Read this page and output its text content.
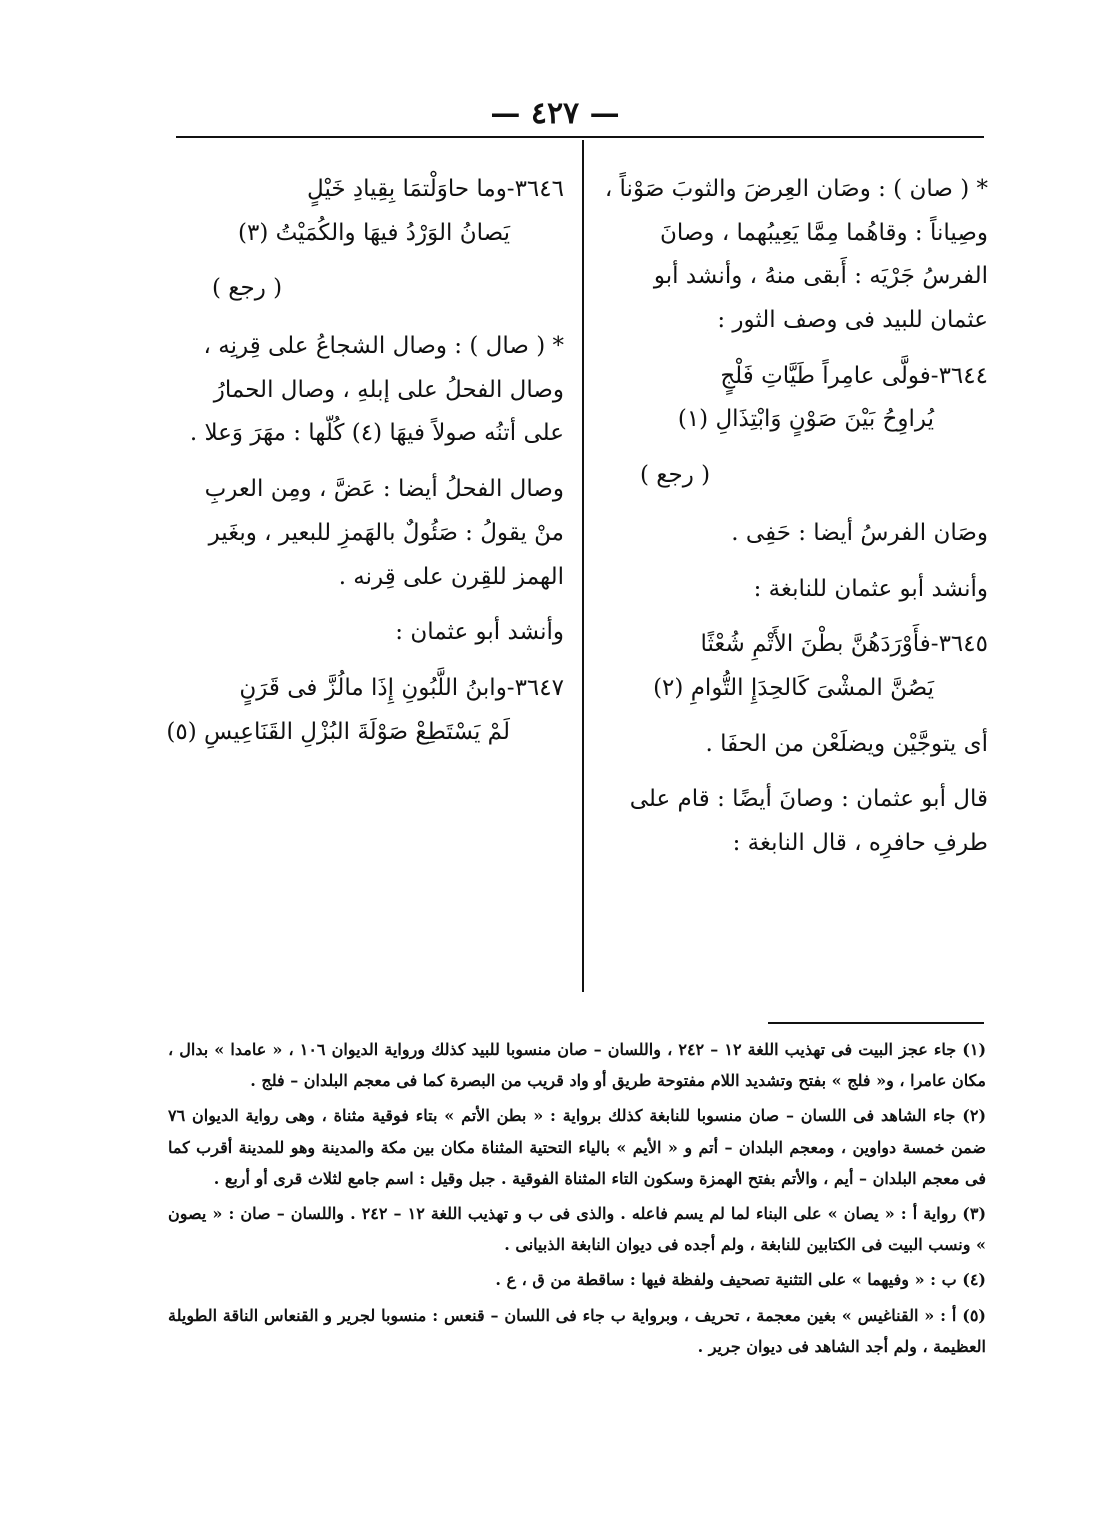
— ٤٢٧ —

* ( صان ) : وصَان العِرضَ والثوبَ صَوْناً ، وصِياناً : وقاهُما مِمَّا يَعِيبُهما ، وصانَ الفرسُ جَرْيَه : أَبقى منهُ ، وأنشد أبو عثمان للبيد فى وصف الثور :

٣٦٤٤-فولَّى عامِراً طَيَّاتِ فَلْجٍ
يُراوِحُ بَيْنَ صَوْنٍ وَابْتِذَالِ (١)
( رجع )

وصَان الفرسُ أيضا : حَفِى .

وأنشد أبو عثمان للنابغة :

٣٦٤٥-فأَوْرَدَهُنَّ بطْنَ الأَتْمِ شُعْثًا
يَصُنَّ المشْىَ كَالحِدَإِ التُّوامِ (٢)

أى يتوجَّيْن ويضلَعْن من الحفَا .

قال أبو عثمان : وصانَ أيضًا : قام على طرفِ حافرِه ، قال النابغة :

٣٦٤٦-وما حاوَلْتمَا بِقِيادِ خَيْلٍ
يَصانُ الوَرْدُ فيهَا والكُمَيْتُ (٣)
( رجع )

* ( صال ) : وصال الشجاعُ على قِرنِه ، وصال الفحلُ على إبلهِ ، وصال الحمارُ على أتنُه صولاً فيهَا (٤) كُلّها : مهَرَ وَعلا .

وصال الفحلُ أيضا : عَضَّ ، ومِن العربِ منْ يقولُ : صَئُولٌ بالهَمزِ للبعير ، وبغَير الهمز للقِرن على قِرنه .

وأنشد أبو عثمان :

٣٦٤٧-وابنُ اللَّبُونِ إِذَا مالُزَّ فى قَرَنٍ
لَمْ يَسْتَطِعْ صَوْلَةَ البُزْلِ القَنَاعِيسِ (٥)

(١) جاء عجز البيت فى تهذيب اللغة ١٢ – ٢٤٢ ، واللسان – صان منسوبا للبيد كذلك ورواية الديوان ١٠٦ ، « عامدا » بدال ، مكان عامرا ، و« فلج » بفتح وتشديد اللام مفتوحة طريق أو واد قريب من البصرة كما فى معجم البلدان – فلج .

(٢) جاء الشاهد فى اللسان – صان منسوبا للنابغة كذلك برواية : « بطن الأتم » بتاء فوقية مثناة ، وهى رواية الديوان ٧٦ ضمن خمسة دواوين ، ومعجم البلدان – أتم و « الأيم » بالياء التحتية المثناة مكان بين مكة والمدينة وهو للمدينة أقرب كما فى معجم البلدان – أيم ، والأتم بفتح الهمزة وسكون التاء المثناة الفوقية . جبل وقيل : اسم جامع لثلاث قرى أو أربع .

(٣) رواية أ : « يصان » على البناء لما لم يسم فاعله . والذى فى ب و تهذيب اللغة ١٢ – ٢٤٢ . واللسان – صان : « يصون » ونسب البيت فى الكتابين للنابغة ، ولم أجده فى ديوان النابغة الذبيانى .

(٤) ب : « وفيهما » على التثنية تصحيف ولفظة فيها : ساقطة من ق ، ع .

(٥) أ : « القناغيس » بغين معجمة ، تحريف ، وبرواية ب جاء فى اللسان – قنعس : منسوبا لجرير و القنعاس الناقة الطويلة العظيمة ، ولم أجد الشاهد فى ديوان جرير .
